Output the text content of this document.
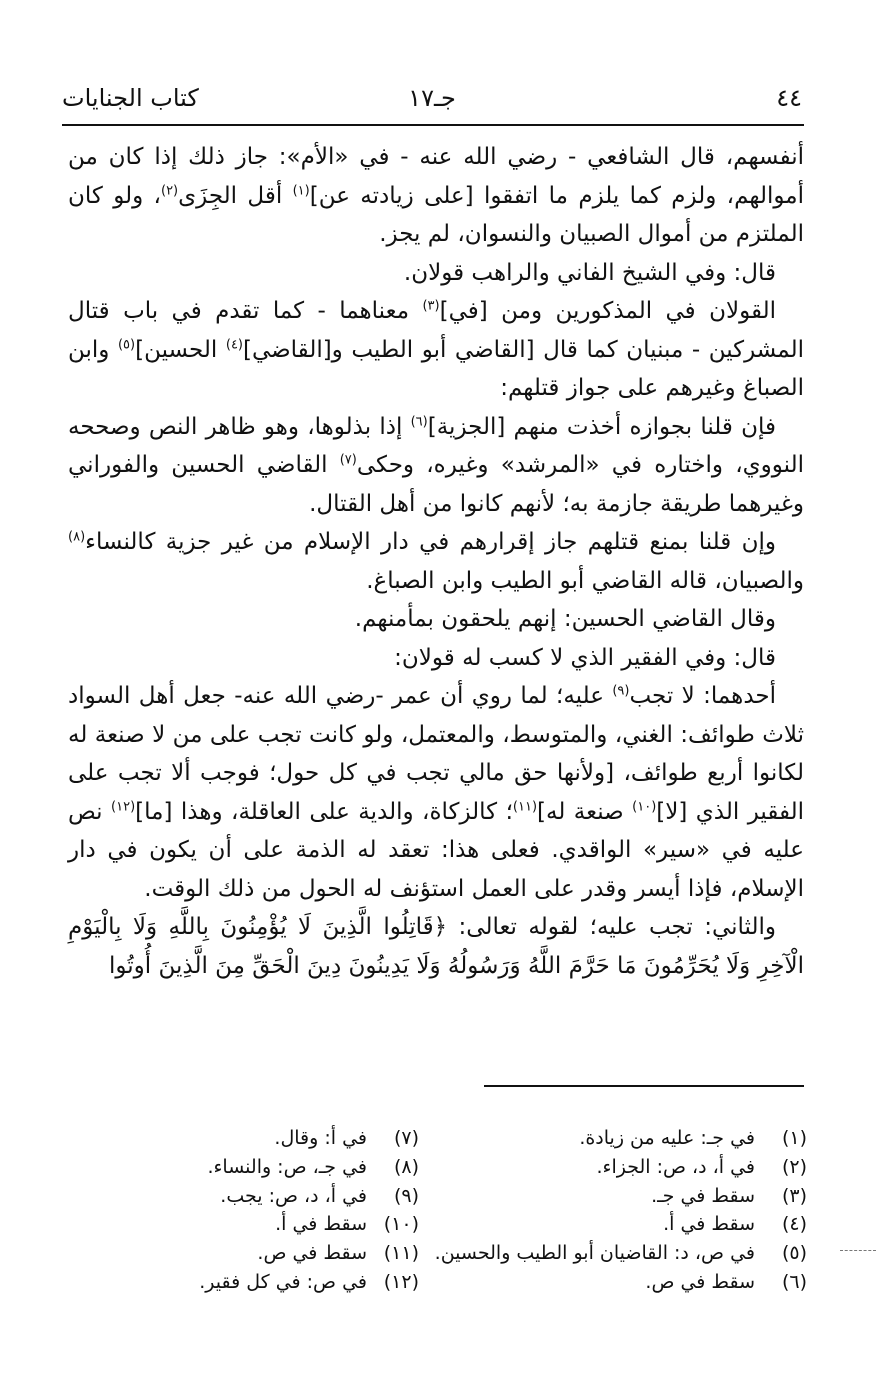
٤٤
جـ١٧
كتاب الجنايات

أنفسهم، قال الشافعي - رضي الله عنه - في «الأم»: جاز ذلك إذا كان من أموالهم، ولزم كما يلزم ما اتفقوا [على زيادته عن]$^{(١)}$ أقل الجِزَى$^{(٢)}$، ولو كان الملتزم من أموال الصبيان والنسوان، لم يجز.

قال: وفي الشيخ الفاني والراهب قولان.

القولان في المذكورين ومن [في]$^{(٣)}$ معناهما - كما تقدم في باب قتال المشركين - مبنيان كما قال [القاضي أبو الطيب و[القاضي]$^{(٤)}$ الحسين]$^{(٥)}$ وابن الصباغ وغيرهم على جواز قتلهم:

فإن قلنا بجوازه أخذت منهم [الجزية]$^{(٦)}$ إذا بذلوها، وهو ظاهر النص وصححه النووي، واختاره في «المرشد» وغيره، وحكى$^{(٧)}$ القاضي الحسين والفوراني وغيرهما طريقة جازمة به؛ لأنهم كانوا من أهل القتال.

وإن قلنا بمنع قتلهم جاز إقرارهم في دار الإسلام من غير جزية كالنساء$^{(٨)}$ والصبيان، قاله القاضي أبو الطيب وابن الصباغ.

وقال القاضي الحسين: إنهم يلحقون بمأمنهم.

قال: وفي الفقير الذي لا كسب له قولان:

أحدهما: لا تجب$^{(٩)}$ عليه؛ لما روي أن عمر -رضي الله عنه- جعل أهل السواد ثلاث طوائف: الغني، والمتوسط، والمعتمل، ولو كانت تجب على من لا صنعة له لكانوا أربع طوائف، [ولأنها حق مالي تجب في كل حول؛ فوجب ألا تجب على الفقير الذي [لا]$^{(١٠)}$ صنعة له]$^{(١١)}$؛ كالزكاة، والدية على العاقلة، وهذا [ما]$^{(١٢)}$ نص عليه في «سير» الواقدي. فعلى هذا: تعقد له الذمة على أن يكون في دار الإسلام، فإذا أيسر وقدر على العمل استؤنف له الحول من ذلك الوقت.

والثاني: تجب عليه؛ لقوله تعالى: ﴿قَاتِلُوا الَّذِينَ لَا يُؤْمِنُونَ بِاللَّهِ وَلَا بِالْيَوْمِ الْآخِرِ وَلَا يُحَرِّمُونَ مَا حَرَّمَ اللَّهُ وَرَسُولُهُ وَلَا يَدِينُونَ دِينَ الْحَقِّ مِنَ الَّذِينَ أُوتُوا

(١)في جـ: عليه من زيادة.
(٢)في أ، د، ص: الجزاء.
(٣)سقط في جـ.
(٤)سقط في أ.
(٥)في ص، د: القاضيان أبو الطيب والحسين.
(٦)سقط في ص.
(٧)في أ: وقال.
(٨)في جـ، ص: والنساء.
(٩)في أ، د، ص: يجب.
(١٠)سقط في أ.
(١١)سقط في ص.
(١٢)في ص: في كل فقير.
